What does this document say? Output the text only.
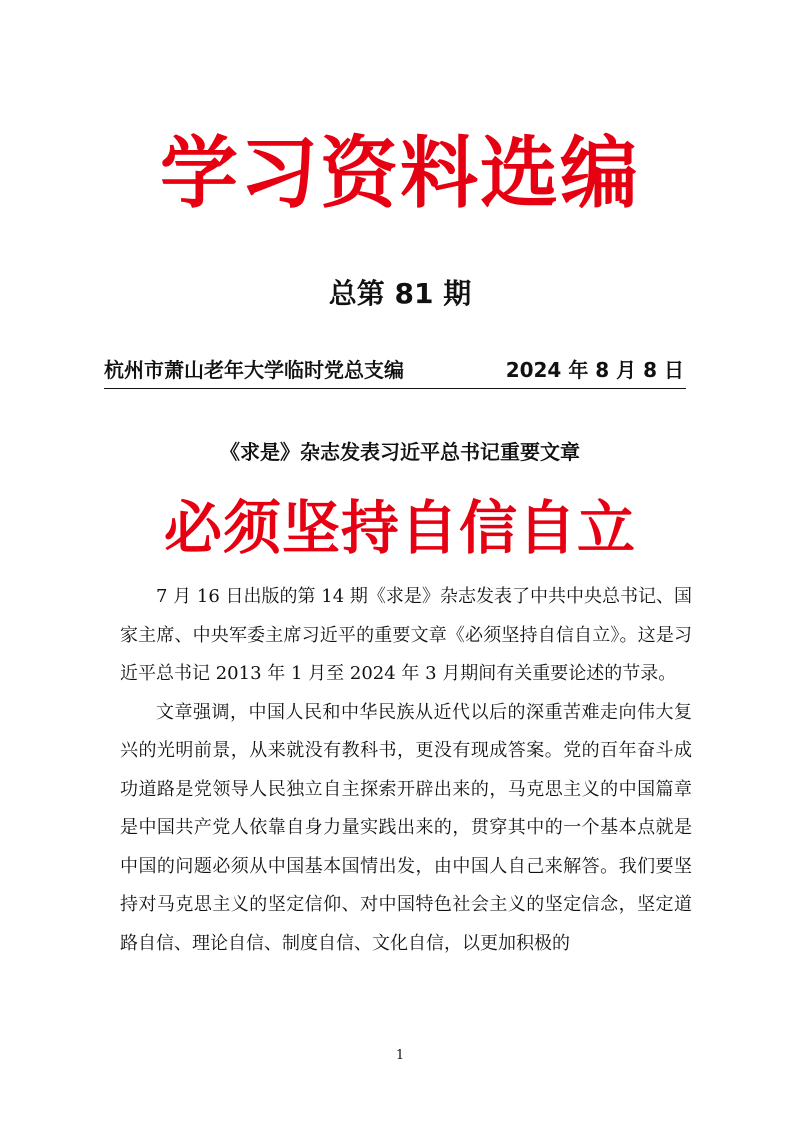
学习资料选编
总第 81 期
杭州市萧山老年大学临时党总支编	2024 年 8 月 8 日
《求是》杂志发表习近平总书记重要文章
必须坚持自信自立

7 月 16 日出版的第 14 期《求是》杂志发表了中共中央总书记、国家主席、中央军委主席习近平的重要文章《必须坚持自信自立》。这是习近平总书记 2013 年 1 月至 2024 年 3 月期间有关重要论述的节录。

文章强调，中国人民和中华民族从近代以后的深重苦难走向伟大复兴的光明前景，从来就没有教科书，更没有现成答案。党的百年奋斗成功道路是党领导人民独立自主探索开辟出来的，马克思主义的中国篇章是中国共产党人依靠自身力量实践出来的，贯穿其中的一个基本点就是中国的问题必须从中国基本国情出发，由中国人自己来解答。我们要坚持对马克思主义的坚定信仰、对中国特色社会主义的坚定信念，坚定道路自信、理论自信、制度自信、文化自信，以更加积极的

1
